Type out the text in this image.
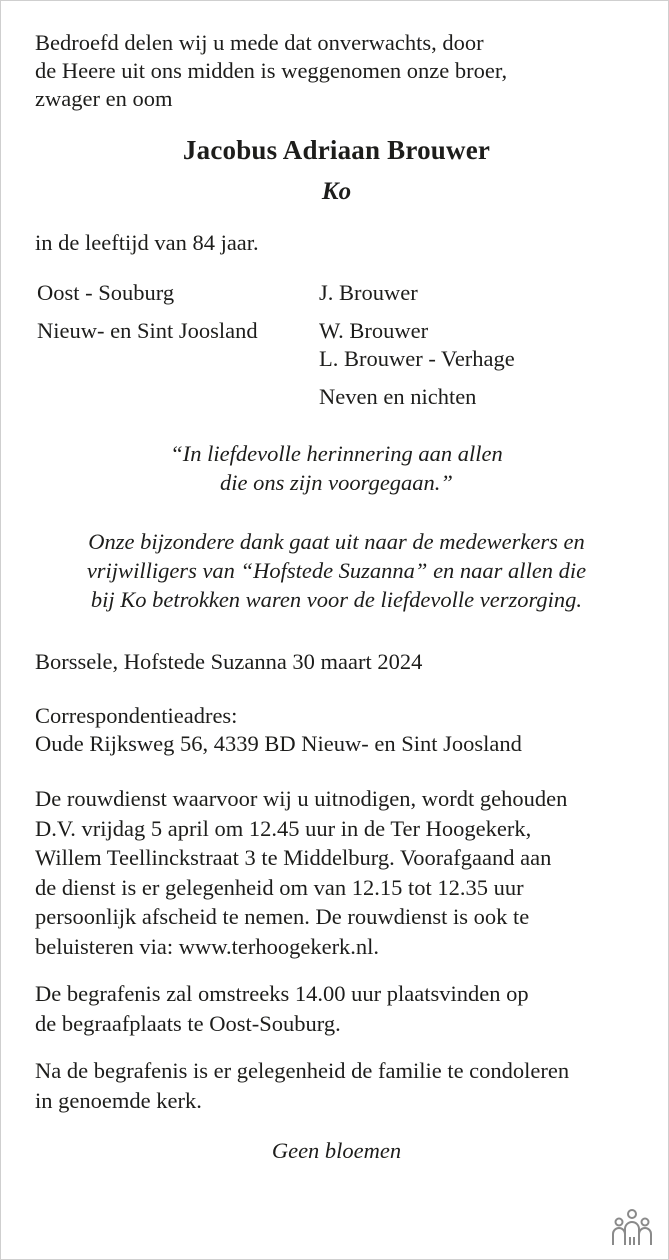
Bedroefd delen wij u mede dat onverwachts, door
de Heere uit ons midden is weggenomen onze broer,
zwager en oom
Jacobus Adriaan Brouwer
Ko
in de leeftijd van 84 jaar.
Oost - Souburg	J. Brouwer
Nieuw- en Sint Joosland	W. Brouwer
L. Brouwer - Verhage
Neven en nichten
“In liefdevolle herinnering aan allen
die ons zijn voorgegaan.”
Onze bijzondere dank gaat uit naar de medewerkers en
vrijwilligers van “Hofstede Suzanna” en naar allen die
bij Ko betrokken waren voor de liefdevolle verzorging.
Borssele, Hofstede Suzanna 30 maart 2024
Correspondentieadres:
Oude Rijksweg 56, 4339 BD Nieuw- en Sint Joosland
De rouwdienst waarvoor wij u uitnodigen, wordt gehouden
D.V. vrijdag 5 april om 12.45 uur in de Ter Hoogekerk,
Willem Teellinckstraat 3 te Middelburg. Voorafgaand aan
de dienst is er gelegenheid om van 12.15 tot 12.35 uur
persoonlijk afscheid te nemen. De rouwdienst is ook te
beluisteren via: www.terhoogekerk.nl.
De begrafenis zal omstreeks 14.00 uur plaatsvinden op
de begraafplaats te Oost-Souburg.
Na de begrafenis is er gelegenheid de familie te condoleren
in genoemde kerk.
Geen bloemen
